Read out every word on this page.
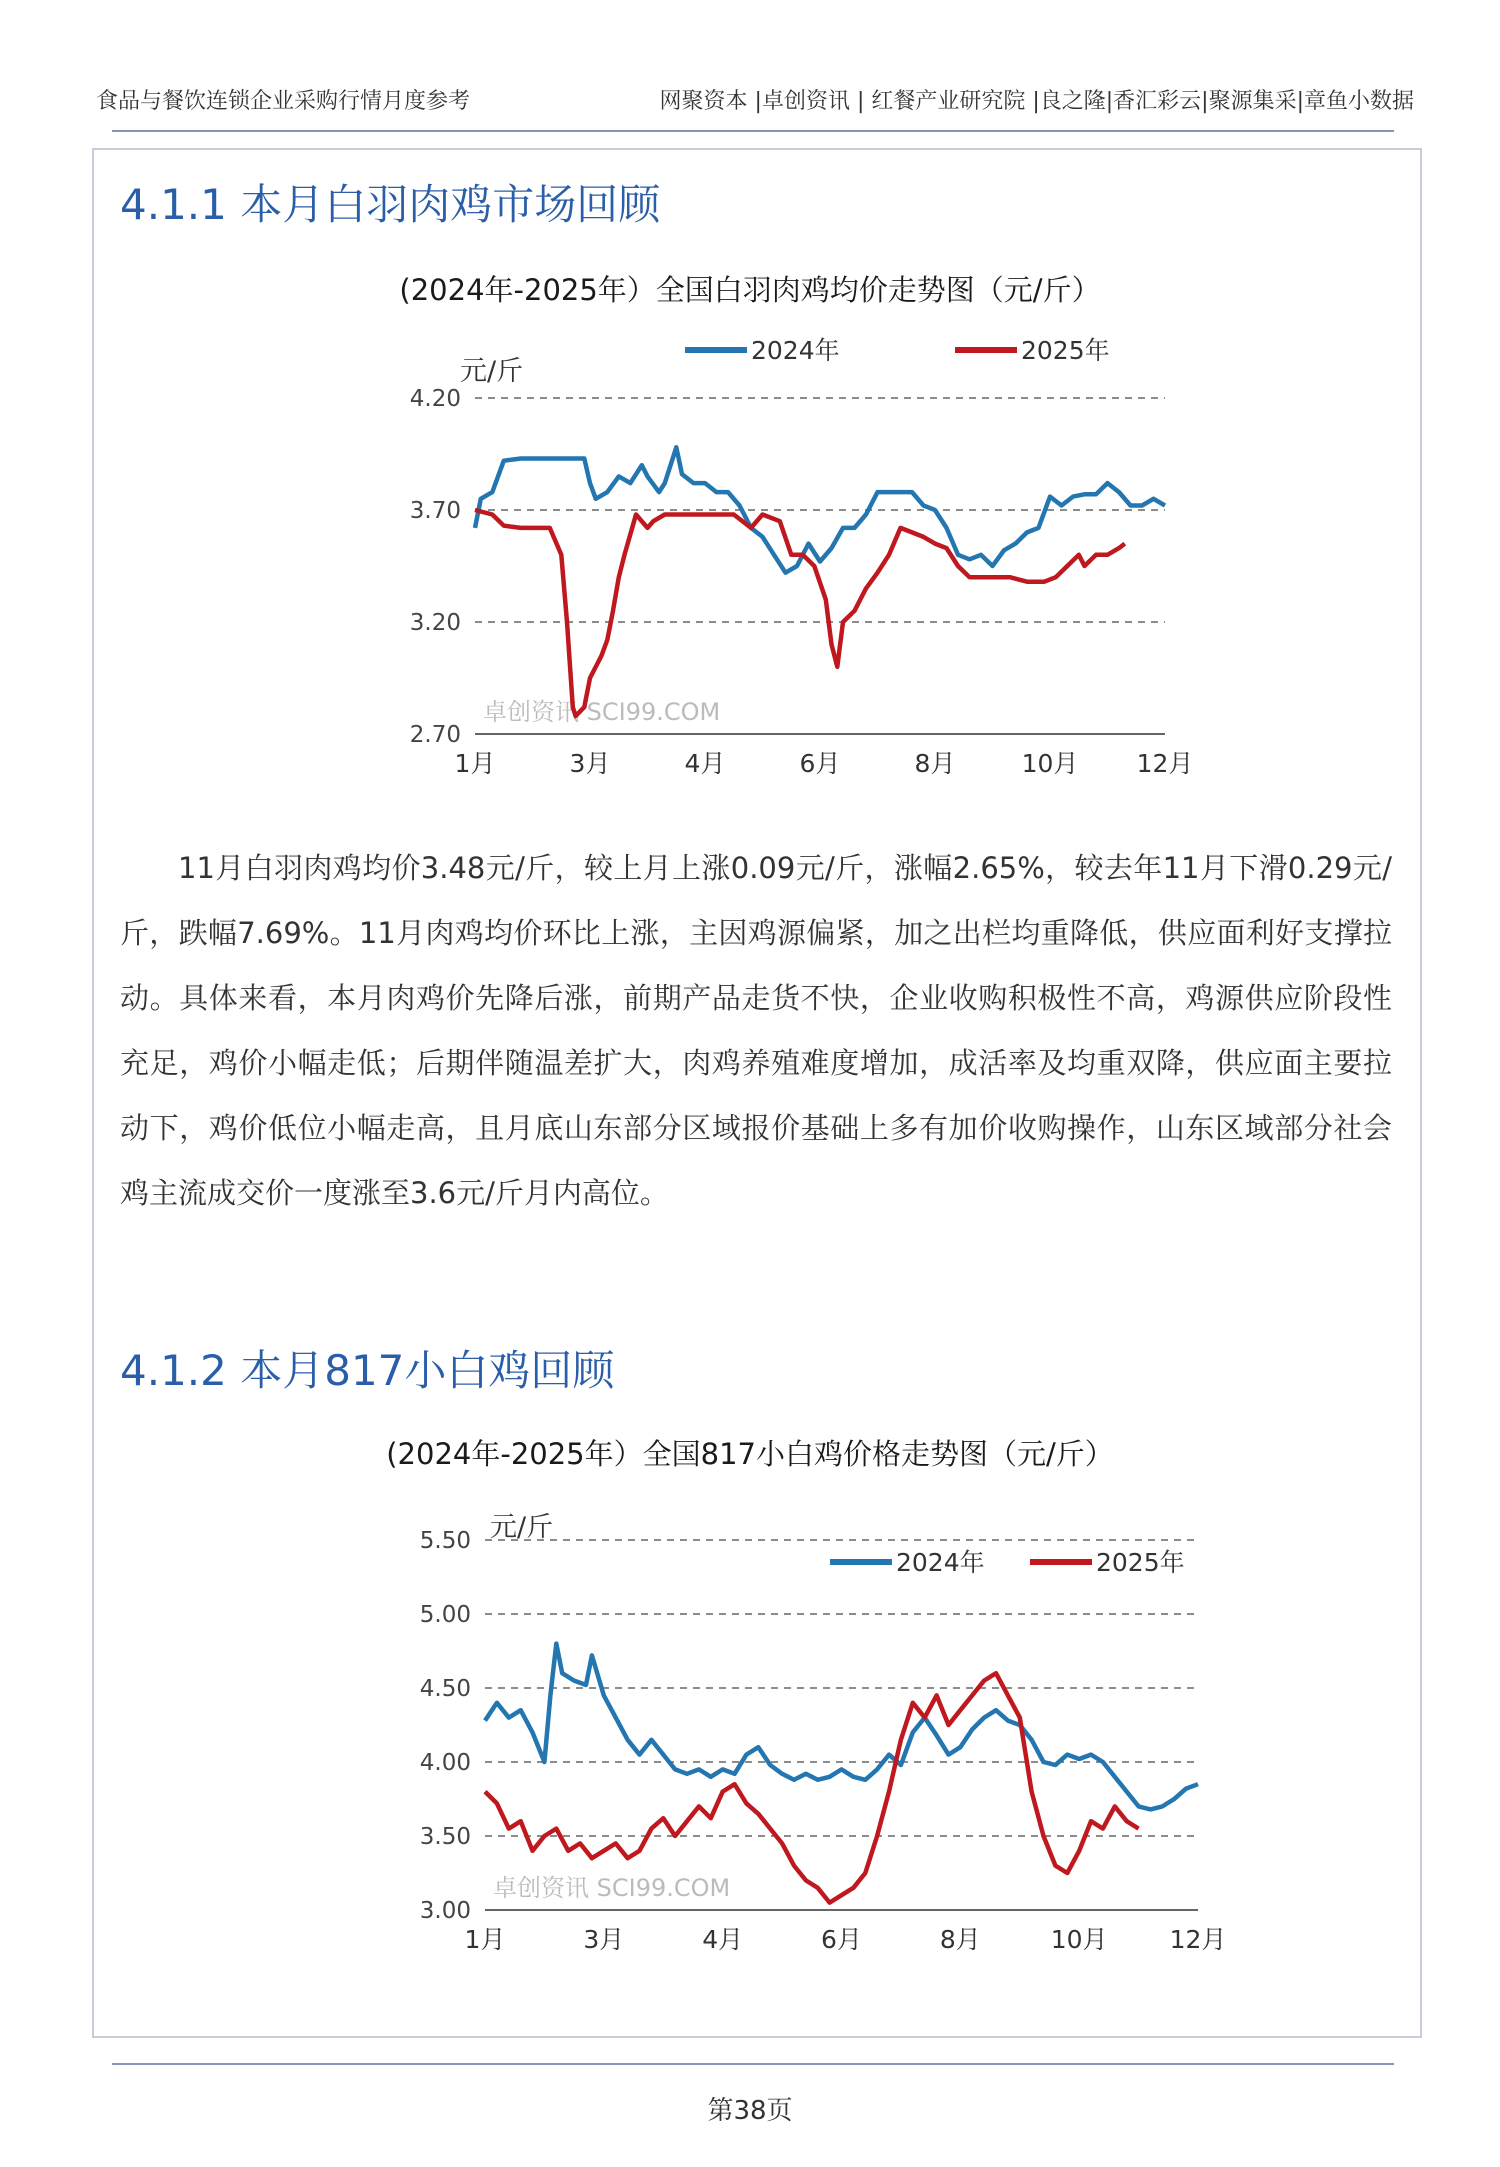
食品与餐饮连锁企业采购行情月度参考	网聚资本 |卓创资讯 | 红餐产业研究院 |良之隆|香汇彩云|聚源集采|章鱼小数据
4.1.1 本月白羽肉鸡市场回顾
(2024年-2025年）全国白羽肉鸡均价走势图（元/斤）
4.20
3.70
3.20
2.70
1月	3月	4月	6月	8月	10月 12月
元/斤
卓创资讯 SCI99.COM
2024年	2025年
11月白羽肉鸡均价3.48元/斤，较上月上涨0.09元/斤，涨幅2.65%，较去年11月下滑0.29元/斤，跌幅7.69%。11月肉鸡均价环比上涨，主因鸡源偏紧，加之出栏均重降低，供应面利好支撑拉动。具体来看，本月肉鸡价先降后涨，前期产品走货不快，企业收购积极性不高，鸡源供应阶段性充足，鸡价小幅走低；后期伴随温差扩大，肉鸡养殖难度增加，成活率及均重双降，供应面主要拉动下，鸡价低位小幅走高，且月底山东部分区域报价基础上多有加价收购操作，山东区域部分社会鸡主流成交价一度涨至3.6元/斤月内高位。
4.1.2 本月817小白鸡回顾
(2024年-2025年）全国817小白鸡价格走势图（元/斤）
5.50
5.00
4.50
4.00
3.50
3.00
1月	3月	4月	6月	8月	10月 12月
元/斤
卓创资讯 SCI99.COM
2024年	2025年
第38页
